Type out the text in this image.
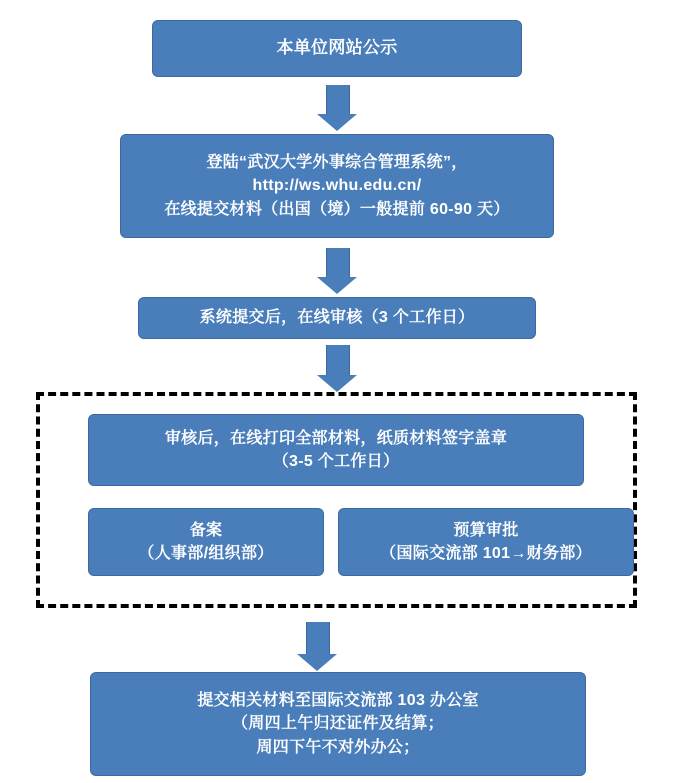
本单位网站公示
登陆“武汉大学外事综合管理系统”，
http://ws.whu.edu.cn/
在线提交材料（出国（境）一般提前 60-90 天）
系统提交后，在线审核（3 个工作日）
审核后，在线打印全部材料，纸质材料签字盖章
（3-5 个工作日）
备案
（人事部/组织部）
预算审批
（国际交流部 101→财务部）
提交相关材料至国际交流部 103 办公室
（周四上午归还证件及结算；
周四下午不对外办公；
